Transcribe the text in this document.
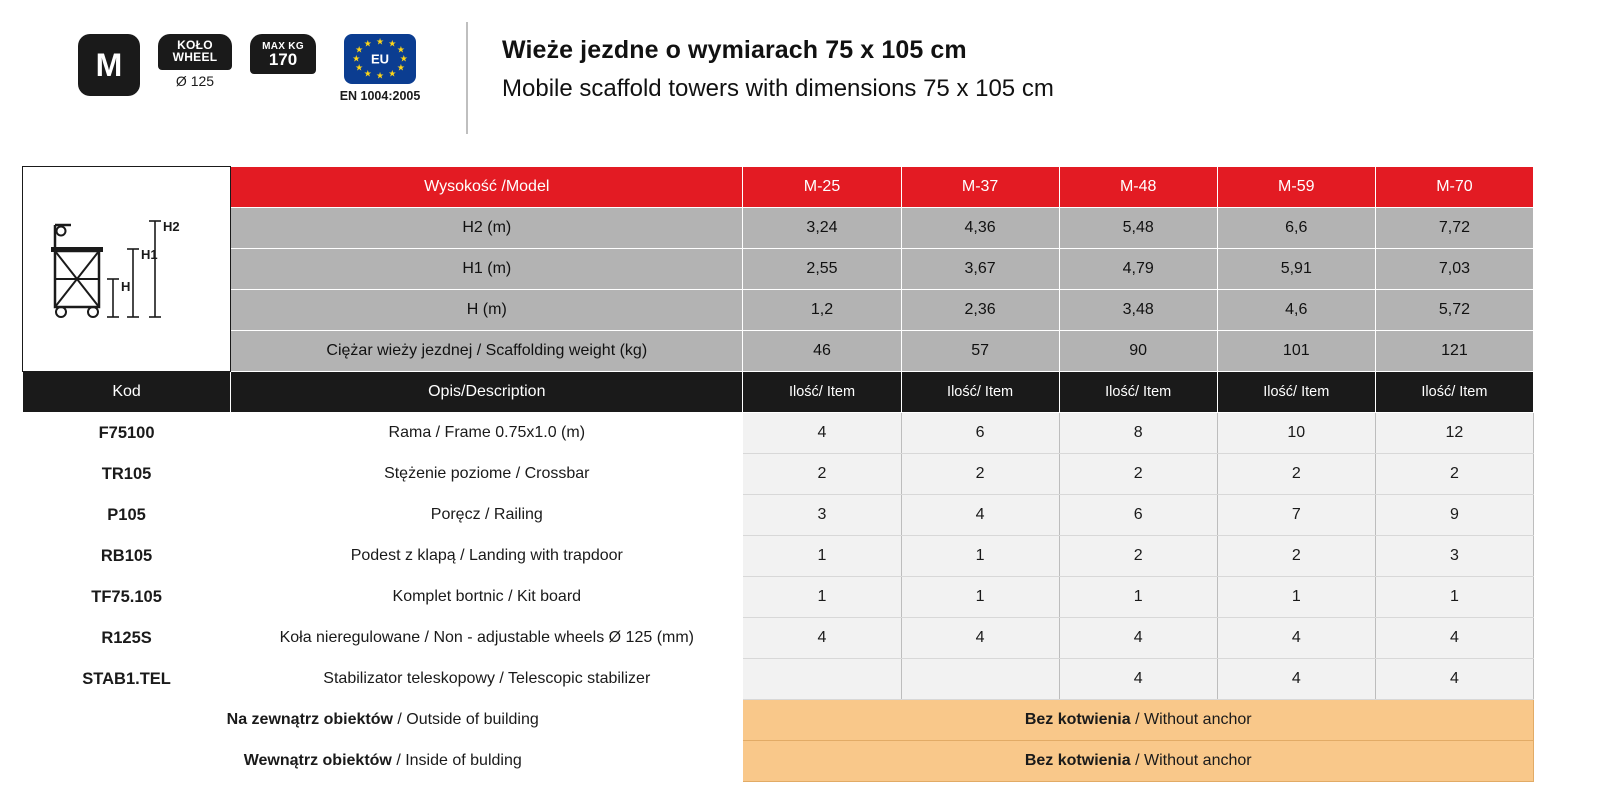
M
KOŁO
WHEEL
Ø 125
MAX KG
170
★ ★
★
★
★
★
★
★
★
★
★
★
EU
EN 1004:2005
Wieże jezdne o wymiarach 75 x 105 cm
Mobile scaffold towers with dimensions 75 x 105 cm
H2
H1
H	Wysokość /Model	M-25	M-37	M-48	M-59	M-70
	H2 (m)	3,24	4,36	5,48	6,6	7,72
	H1 (m)	2,55	3,67	4,79	5,91	7,03
	H (m)	1,2	2,36	3,48	4,6	5,72
	Ciężar wieży jezdnej / Scaffolding weight (kg)	46	57	90	101	121
Kod	Opis/Description	Ilość/ Item	Ilość/ Item	Ilość/ Item	Ilość/ Item	Ilość/ Item
F75100	Rama / Frame 0.75x1.0 (m)	4	6	8	10	12
TR105	Stężenie poziome / Crossbar	2	2	2	2	2
P105	Poręcz / Railing	3	4	6	7	9
RB105	Podest z klapą / Landing with trapdoor	1	1	2	2	3
TF75.105	Komplet bortnic / Kit board	1	1	1	1	1
R125S	Koła nieregulowane / Non - adjustable wheels Ø 125 (mm)	4	4	4	4	4
STAB1.TEL	Stabilizator teleskopowy / Telescopic stabilizer			4	4	4
Na zewnątrz obiektów / Outside of building		Bez kotwienia / Without anchor				
Wewnątrz obiektów / Inside of bulding		Bez kotwienia / Without anchor				
